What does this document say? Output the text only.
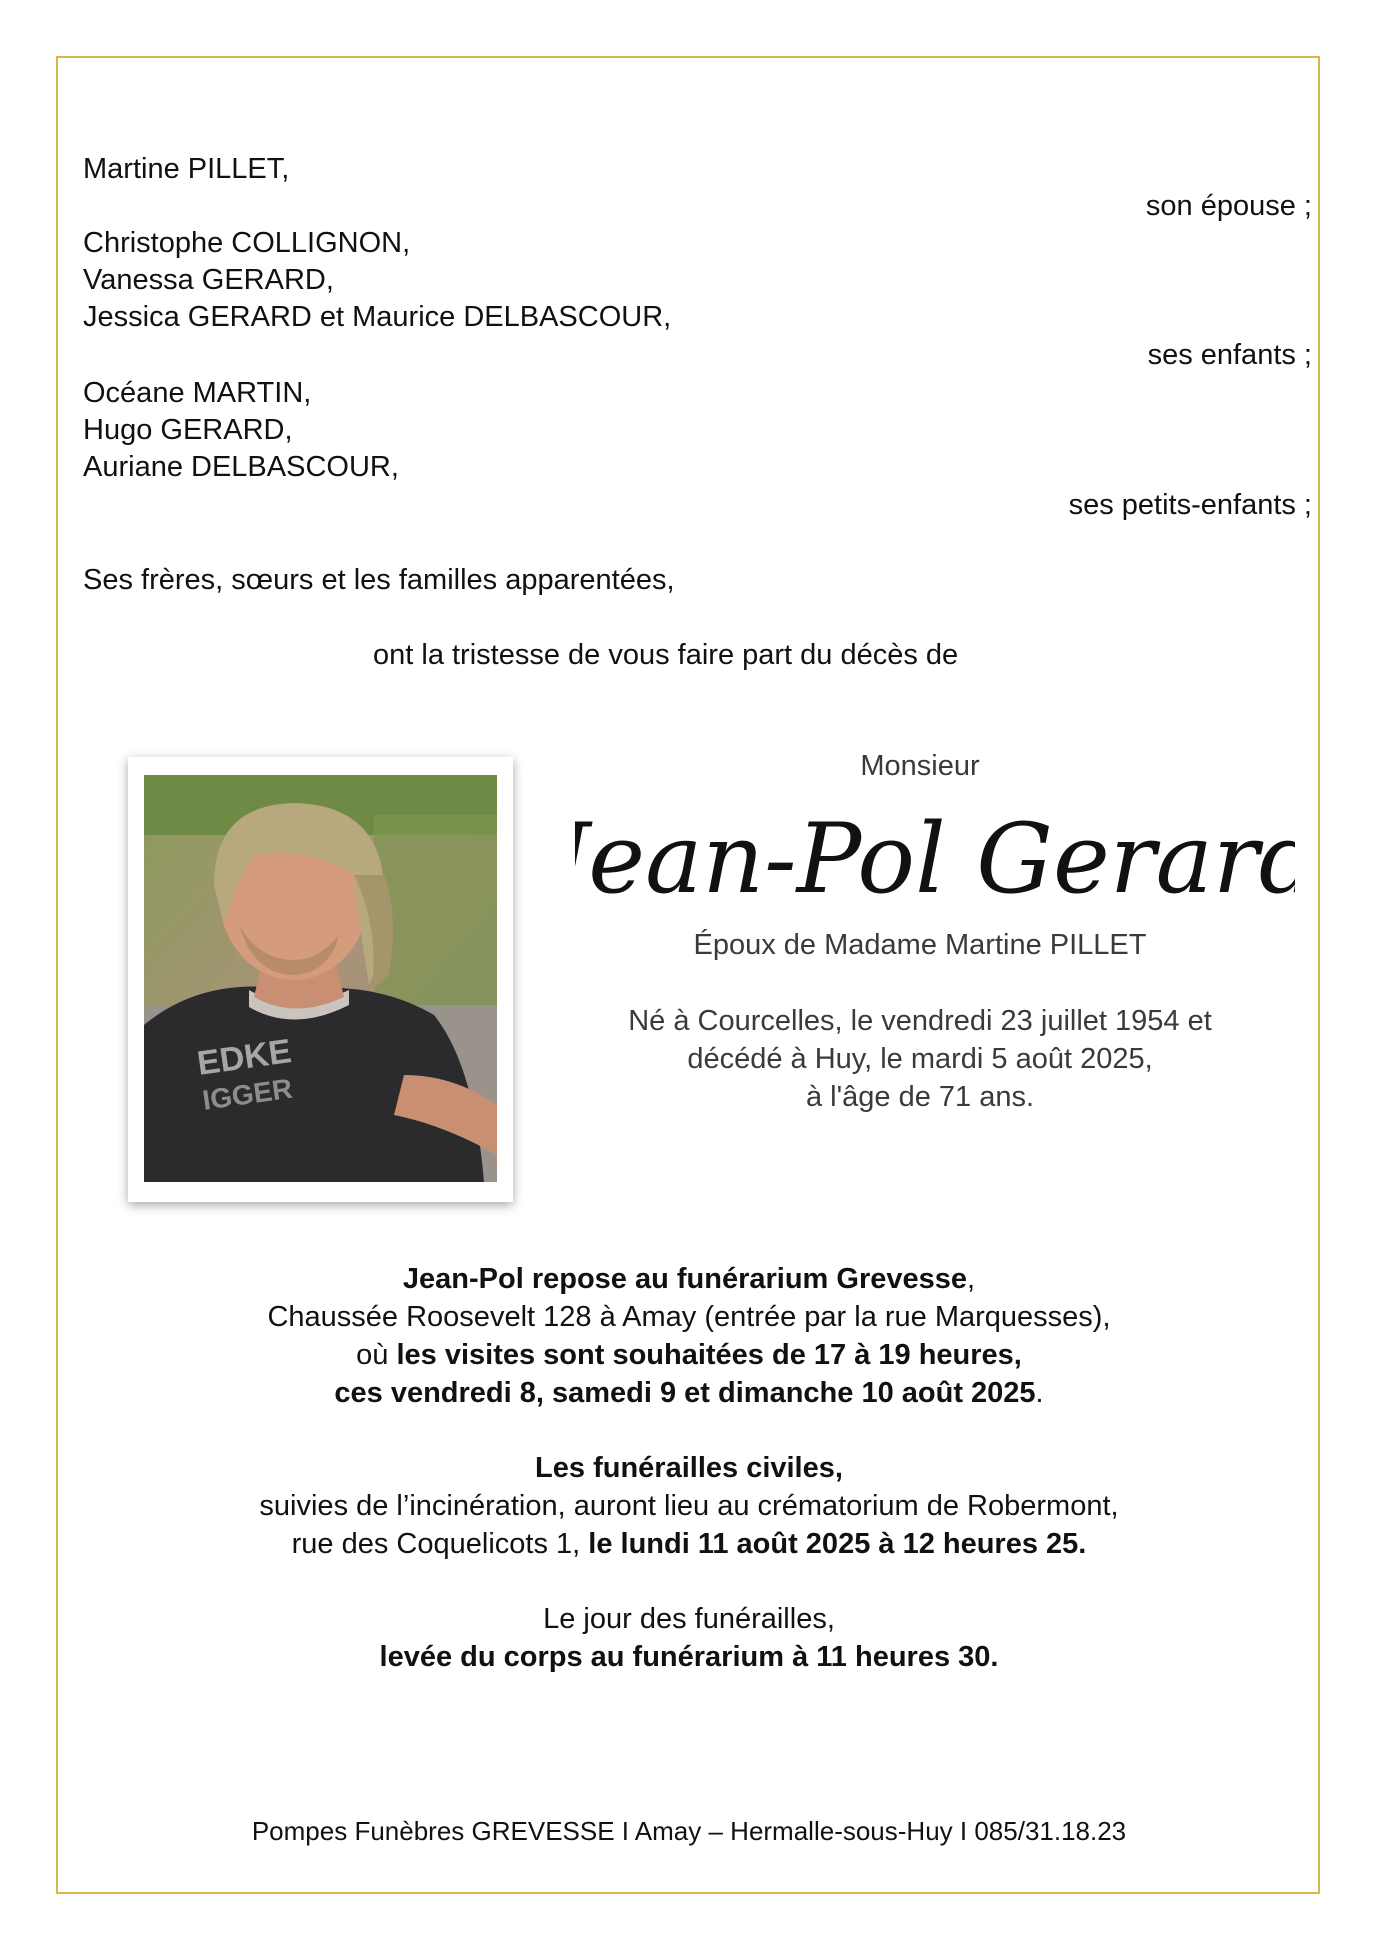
Martine PILLET,
son épouse ;
Christophe COLLIGNON,
Vanessa GERARD,
Jessica GERARD et Maurice DELBASCOUR,
ses enfants ;
Océane MARTIN,
Hugo GERARD,
Auriane DELBASCOUR,
ses petits-enfants ;
Ses frères, sœurs et les familles apparentées,
ont la tristesse de vous faire part du décès de
EDKE
IGGER
Monsieur
Jean-Pol Gerard
Époux de Madame Martine PILLET
Né à Courcelles, le vendredi 23 juillet 1954 et
décédé à Huy, le mardi 5 août 2025,
à l'âge de 71 ans.
Jean-Pol repose au funérarium Grevesse,
Chaussée Roosevelt 128 à Amay (entrée par la rue Marquesses),
où les visites sont souhaitées de 17 à 19 heures,
ces vendredi 8, samedi 9 et dimanche 10 août 2025.
Les funérailles civiles,
suivies de l’incinération, auront lieu au crématorium de Robermont,
rue des Coquelicots 1, le lundi 11 août 2025 à 12 heures 25.
Le jour des funérailles,
levée du corps au funérarium à 11 heures 30.
Pompes Funèbres GREVESSE I Amay – Hermalle-sous-Huy I 085/31.18.23
